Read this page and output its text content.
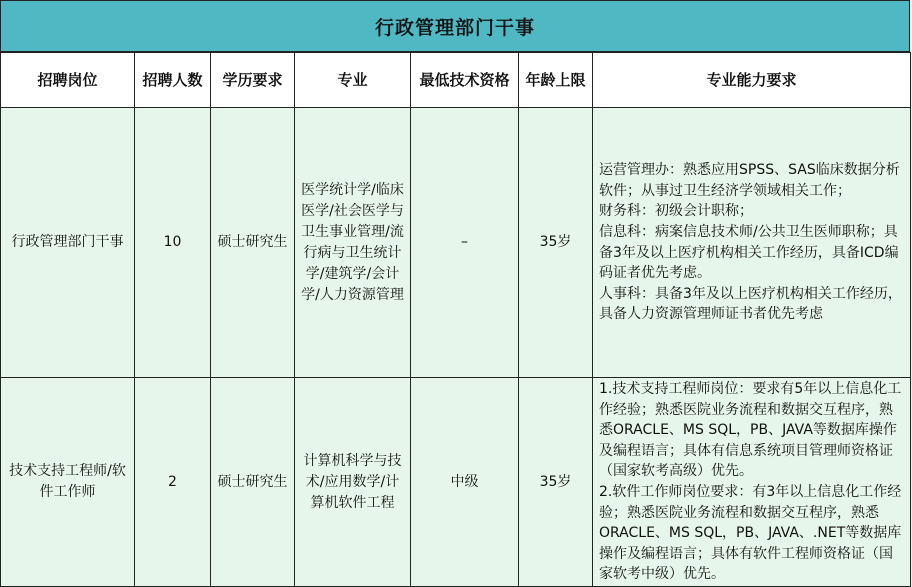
行政管理部门干事
招聘岗位	招聘人数	学历要求	专业	最低技术资格	年龄上限	专业能力要求

行政管理部门干事	10	硕士研究生	医学统计学/临床医学/社会医学与卫生事业管理/流行病与卫生统计学/建筑学/会计学/人力资源管理	–	35岁	运营管理办：熟悉应用SPSS、SAS临床数据分析软件；从事过卫生经济学领域相关工作；
财务科：初级会计职称；
信息科：病案信息技术师/公共卫生医师职称；具备3年及以上医疗机构相关工作经历，具备ICD编码证者优先考虑。
人事科：具备3年及以上医疗机构相关工作经历，具备人力资源管理师证书者优先考虑

技术支持工程师/软件工作师	2	硕士研究生	计算机科学与技术/应用数学/计算机软件工程	中级	35岁	1.技术支持工程师岗位：要求有5年以上信息化工作经验；熟悉医院业务流程和数据交互程序，熟悉ORACLE、MS SQL，PB、JAVA等数据库操作及编程语言；具体有信息系统项目管理师资格证（国家软考高级）优先。
2.软件工作师岗位要求：有3年以上信息化工作经验；熟悉医院业务流程和数据交互程序，熟悉ORACLE、MS SQL，PB、JAVA、.NET等数据库操作及编程语言；具体有软件工程师资格证（国家软考中级）优先。
